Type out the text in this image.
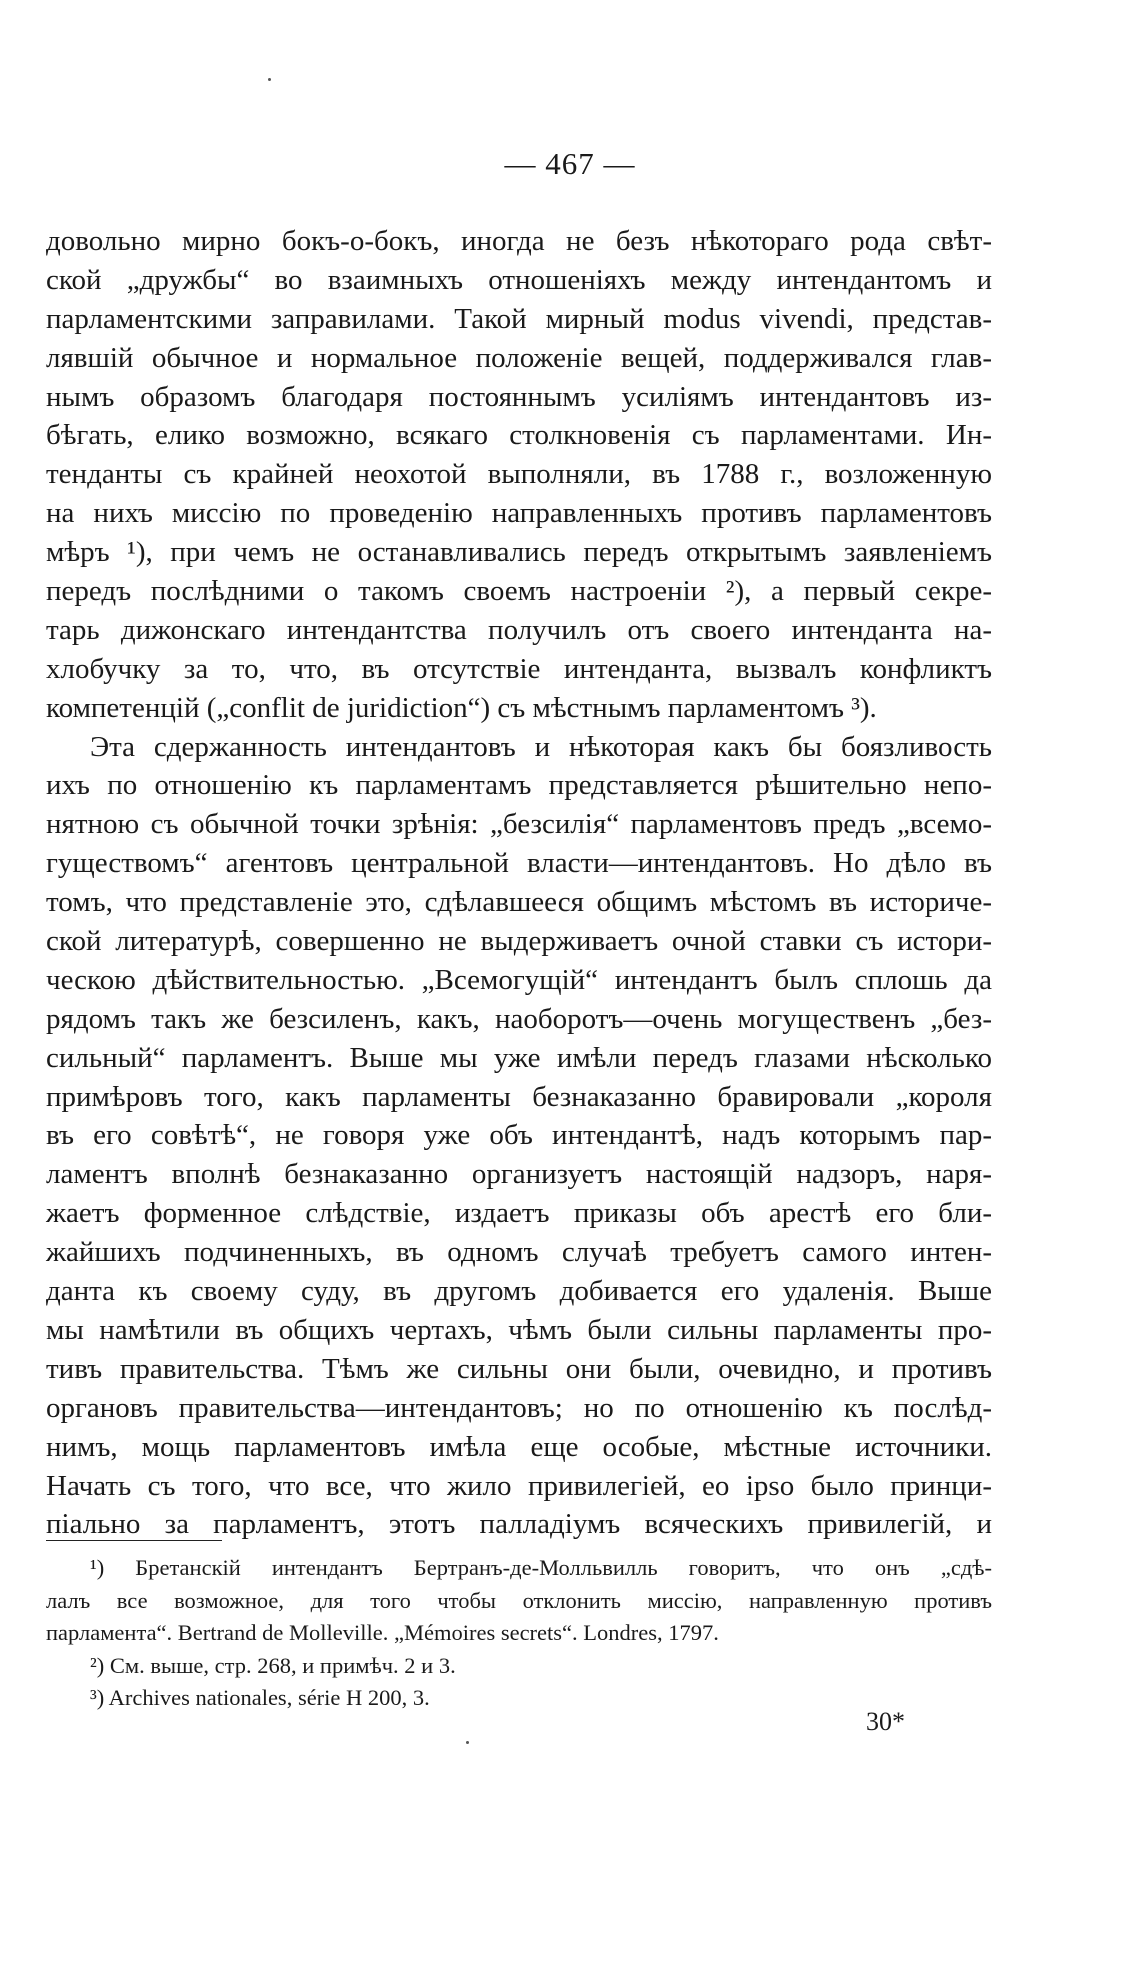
— 467 —
довольно мирно бокъ-о-бокъ, иногда не безъ нѣкотораго рода свѣт-
ской „дружбы“ во взаимныхъ отношеніяхъ между интендантомъ и
парламентскими заправилами. Такой мирный modus vivendi, представ-
лявшій обычное и нормальное положеніе вещей, поддерживался глав-
нымъ образомъ благодаря постояннымъ усиліямъ интендантовъ из-
бѣгать, елико возможно, всякаго столкновенія съ парламентами. Ин-
тенданты съ крайней неохотой выполняли, въ 1788 г., возложенную
на нихъ миссію по проведенію направленныхъ противъ парламентовъ
мѣръ ¹), при чемъ не останавливались передъ открытымъ заявленіемъ
передъ послѣдними о такомъ своемъ настроеніи ²), а первый секре-
тарь дижонскаго интендантства получилъ отъ своего интенданта на-
хлобучку за то, что, въ отсутствіе интенданта, вызвалъ конфликтъ
компетенцій („conflit de juridiction“) съ мѣстнымъ парламентомъ ³).
Эта сдержанность интендантовъ и нѣкоторая какъ бы боязливость
ихъ по отношенію къ парламентамъ представляется рѣшительно непо-
нятною съ обычной точки зрѣнія: „безсилія“ парламентовъ предъ „всемо-
гуществомъ“ агентовъ центральной власти—интендантовъ. Но дѣло въ
томъ, что представленіе это, сдѣлавшееся общимъ мѣстомъ въ историче-
ской литературѣ, совершенно не выдерживаетъ очной ставки съ истори-
ческою дѣйствительностью. „Всемогущій“ интендантъ былъ сплошь да
рядомъ такъ же безсиленъ, какъ, наоборотъ—очень могущественъ „без-
сильный“ парламентъ. Выше мы уже имѣли передъ глазами нѣсколько
примѣровъ того, какъ парламенты безнаказанно бравировали „короля
въ его совѣтѣ“, не говоря уже объ интендантѣ, надъ которымъ пар-
ламентъ вполнѣ безнаказанно организуетъ настоящій надзоръ, наря-
жаетъ форменное слѣдствіе, издаетъ приказы объ арестѣ его бли-
жайшихъ подчиненныхъ, въ одномъ случаѣ требуетъ самого интен-
данта къ своему суду, въ другомъ добивается его удаленія. Выше
мы намѣтили въ общихъ чертахъ, чѣмъ были сильны парламенты про-
тивъ правительства. Тѣмъ же сильны они были, очевидно, и противъ
органовъ правительства—интендантовъ; но по отношенію къ послѣд-
нимъ, мощь парламентовъ имѣла еще особые, мѣстные источники.
Начать съ того, что все, что жило привилегіей, eo ipso было принци-
піально за парламентъ, этотъ палладіумъ всяческихъ привилегій, и
¹) Бретанскій интендантъ Бертранъ-де-Молльвилль говоритъ, что онъ „сдѣ-
лалъ все возможное, для того чтобы отклонить миссію, направленную противъ
парламента“. Bertrand de Molleville. „Mémoires secrets“. Londres, 1797.
²) См. выше, стр. 268, и примѣч. 2 и 3.
³) Archives nationales, série H 200, 3.
30*
